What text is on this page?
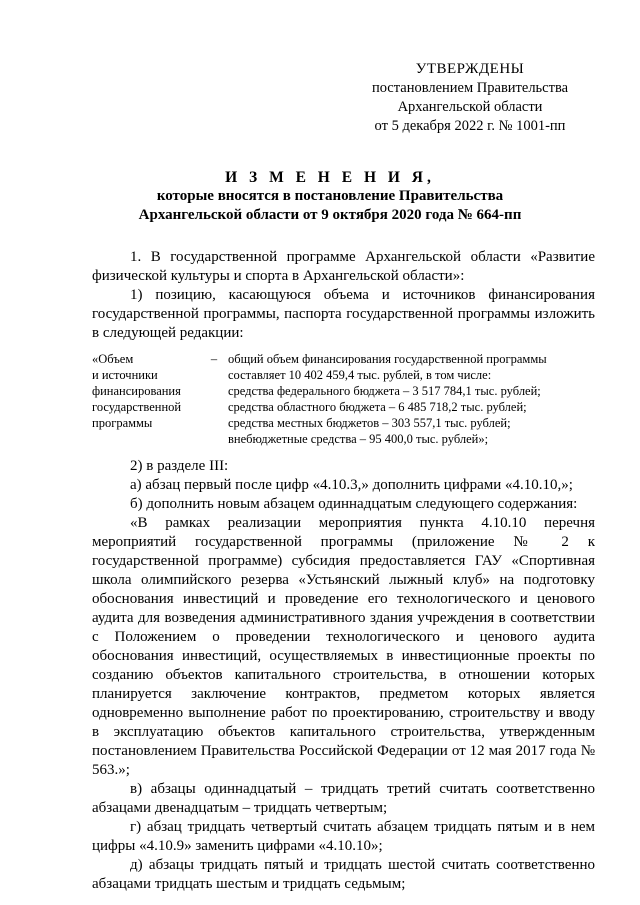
УТВЕРЖДЕНЫ
постановлением Правительства
Архангельской области
от 5 декабря 2022 г. № 1001-пп
И З М Е Н Е Н И Я,
которые вносятся в постановление Правительства
Архангельской области от 9 октября 2020 года № 664-пп

1. В государственной программе Архангельской области «Развитие физической культуры и спорта в Архангельской области»:

1) позицию, касающуюся объема и источников финансирования государственной программы, паспорта государственной программы изложить в следующей редакции:

«Объем
и источники
финансирования
государственной
программы
– общий объем финансирования государственной программы
составляет 10 402 459,4 тыс. рублей, в том числе:
средства федерального бюджета – 3 517 784,1 тыс. рублей;
средства областного бюджета – 6 485 718,2 тыс. рублей;
средства местных бюджетов – 303 557,1 тыс. рублей;
внебюджетные средства – 95 400,0 тыс. рублей»;

2) в разделе III:

а) абзац первый после цифр «4.10.3,» дополнить цифрами «4.10.10,»;

б) дополнить новым абзацем одиннадцатым следующего содержания:

«В рамках реализации мероприятия пункта 4.10.10 перечня мероприятий государственной программы (приложение № 2 к государственной программе) субсидия предоставляется ГАУ «Спортивная школа олимпийского резерва «Устьянский лыжный клуб» на подготовку обоснования инвестиций и проведение его технологического и ценового аудита для возведения административного здания учреждения в соответствии с Положением о проведении технологического и ценового аудита обоснования инвестиций, осуществляемых в инвестиционные проекты по созданию объектов капитального строительства, в отношении которых планируется заключение контрактов, предметом которых является одновременно выполнение работ по проектированию, строительству и вводу в эксплуатацию объектов капитального строительства, утвержденным постановлением Правительства Российской Федерации от 12 мая 2017 года № 563.»;

в) абзацы одиннадцатый – тридцать третий считать соответственно абзацами двенадцатым – тридцать четвертым;

г) абзац тридцать четвертый считать абзацем тридцать пятым и в нем цифры «4.10.9» заменить цифрами «4.10.10»;

д) абзацы тридцать пятый и тридцать шестой считать соответственно абзацами тридцать шестым и тридцать седьмым;
